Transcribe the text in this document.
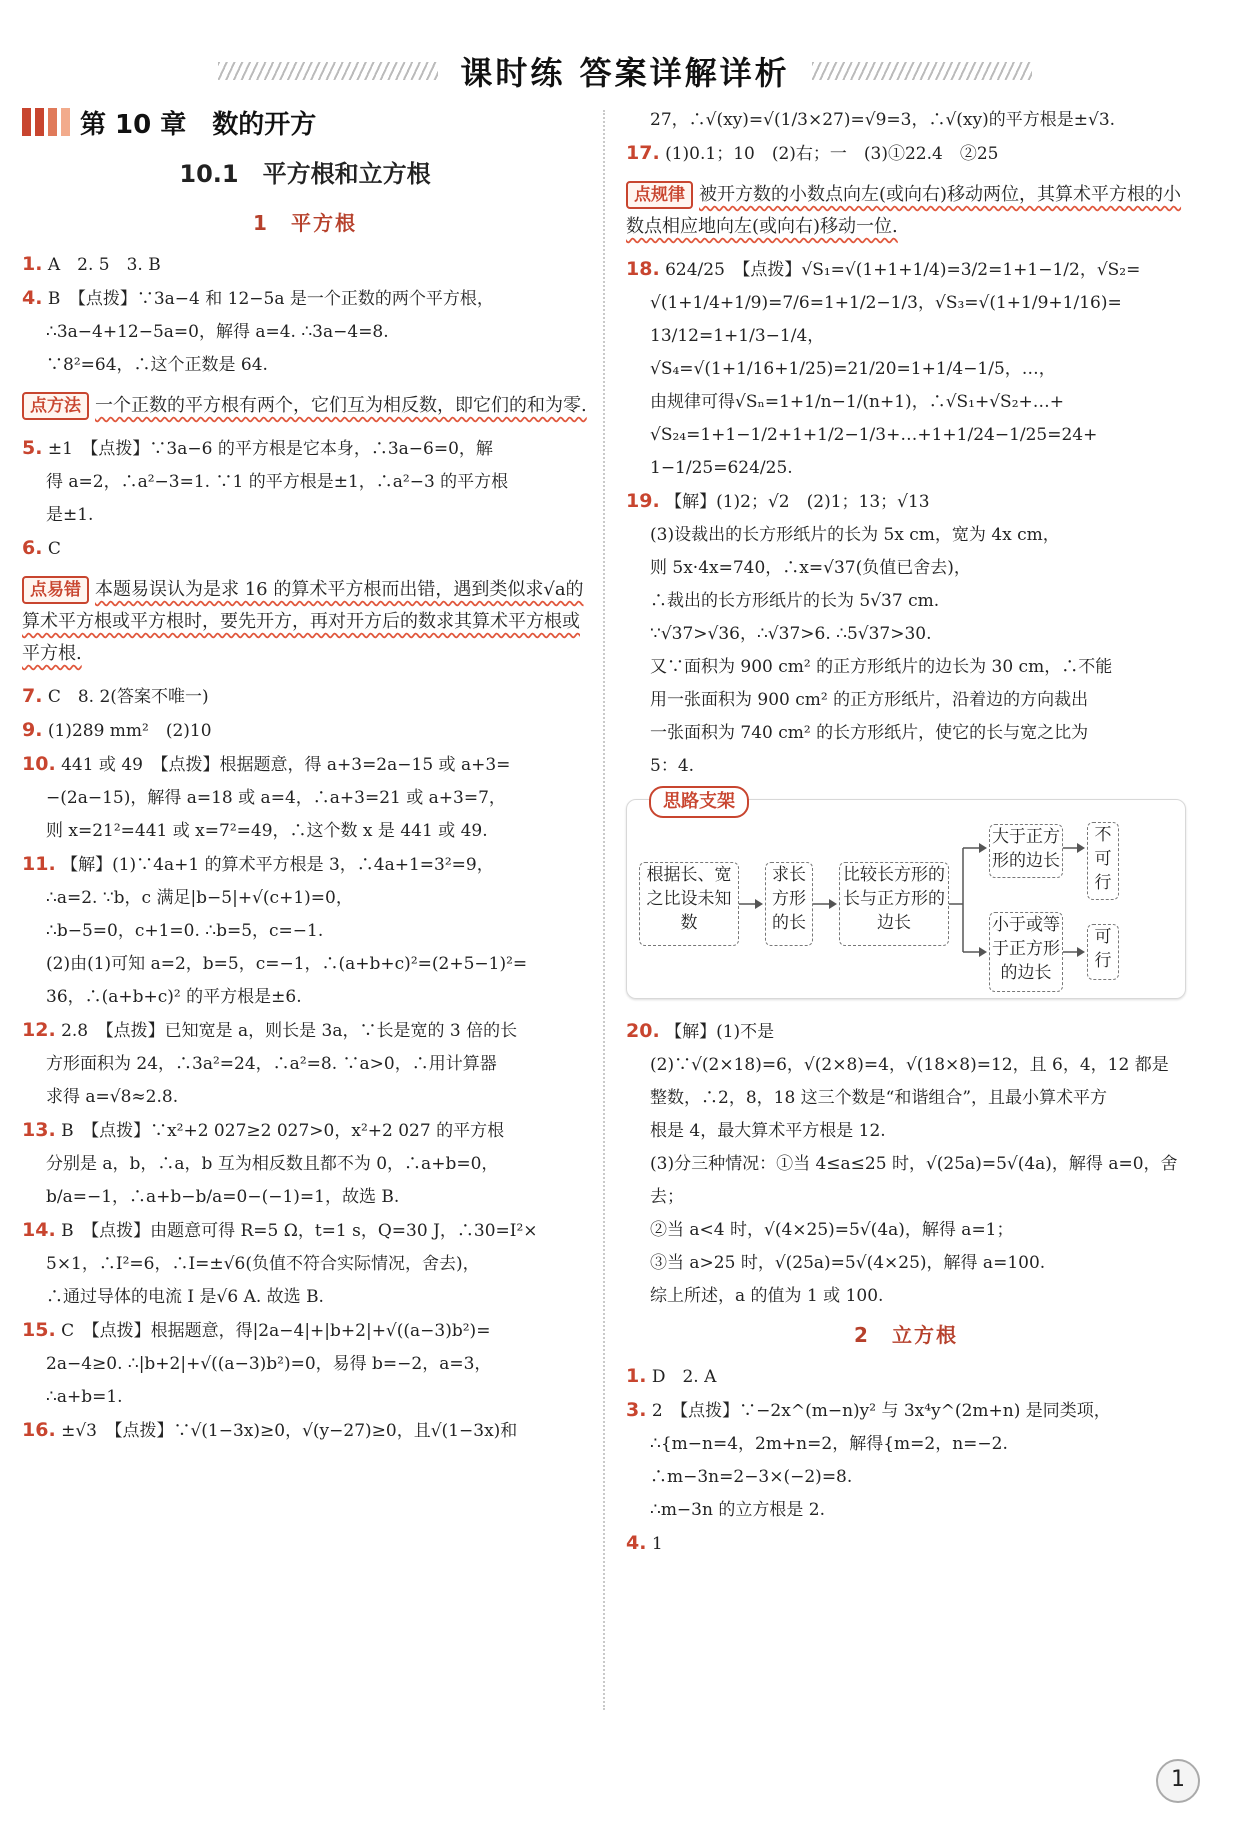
课时练 答案详解详析
第 10 章　数的开方
10.1　平方根和立方根
1　平方根

1. A　2. 5　3. B

4. B　【点拨】∵3a−4 和 12−5a 是一个正数的两个平方根，

∴3a−4+12−5a=0，解得 a=4. ∴3a−4=8.

∵8²=64，∴这个正数是 64.

点方法 一个正数的平方根有两个，它们互为相反数，即它们的和为零.

5. ±1　【点拨】∵3a−6 的平方根是它本身，∴3a−6=0，解

得 a=2，∴a²−3=1. ∵1 的平方根是±1，∴a²−3 的平方根

是±1.

6. C

点易错 本题易误认为是求 16 的算术平方根而出错，遇到类似求√a的算术平方根或平方根时，要先开方，再对开方后的数求其算术平方根或平方根.

7. C　8. 2(答案不唯一)

9. (1)289 mm²　(2)10

10. 441 或 49　【点拨】根据题意，得 a+3=2a−15 或 a+3=

−(2a−15)，解得 a=18 或 a=4，∴a+3=21 或 a+3=7，

则 x=21²=441 或 x=7²=49，∴这个数 x 是 441 或 49.

11. 【解】(1)∵4a+1 的算术平方根是 3，∴4a+1=3²=9，

∴a=2. ∵b，c 满足|b−5|+√(c+1)=0，

∴b−5=0，c+1=0. ∴b=5，c=−1.

(2)由(1)可知 a=2，b=5，c=−1，∴(a+b+c)²=(2+5−1)²=

36，∴(a+b+c)² 的平方根是±6.

12. 2.8　【点拨】已知宽是 a，则长是 3a，∵长是宽的 3 倍的长

方形面积为 24，∴3a²=24，∴a²=8. ∵a>0，∴用计算器

求得 a=√8≈2.8.

13. B　【点拨】∵x²+2 027≥2 027>0，x²+2 027 的平方根

分别是 a，b，∴a，b 互为相反数且都不为 0，∴a+b=0，

b/a=−1，∴a+b−b/a=0−(−1)=1，故选 B.

14. B　【点拨】由题意可得 R=5 Ω，t=1 s，Q=30 J，∴30=I²×

5×1，∴I²=6，∴I=±√6(负值不符合实际情况，舍去)，

∴通过导体的电流 I 是√6 A. 故选 B.

15. C　【点拨】根据题意，得|2a−4|+|b+2|+√((a−3)b²)=

2a−4≥0. ∴|b+2|+√((a−3)b²)=0，易得 b=−2，a=3，

∴a+b=1.

16. ±√3　【点拨】∵√(1−3x)≥0，√(y−27)≥0，且√(1−3x)和

27，∴√(xy)=√(1/3×27)=√9=3，∴√(xy)的平方根是±√3.

17. (1)0.1；10　(2)右；一　(3)①22.4　②25

点规律 被开方数的小数点向左(或向右)移动两位，其算术平方根的小数点相应地向左(或向右)移动一位.

18. 624/25　【点拨】√S₁=√(1+1+1/4)=3/2=1+1−1/2，√S₂=

√(1+1/4+1/9)=7/6=1+1/2−1/3，√S₃=√(1+1/9+1/16)=

13/12=1+1/3−1/4，√S₄=√(1+1/16+1/25)=21/20=1+1/4−1/5，…，

由规律可得√Sₙ=1+1/n−1/(n+1)，∴√S₁+√S₂+…+

√S₂₄=1+1−1/2+1+1/2−1/3+…+1+1/24−1/25=24+

1−1/25=624/25.

19. 【解】(1)2；√2　(2)1；13；√13

(3)设裁出的长方形纸片的长为 5x cm，宽为 4x cm，

则 5x·4x=740，∴x=√37(负值已舍去)，

∴裁出的长方形纸片的长为 5√37 cm.

∵√37>√36，∴√37>6. ∴5√37>30.

又∵面积为 900 cm² 的正方形纸片的边长为 30 cm，∴不能

用一张面积为 900 cm² 的正方形纸片，沿着边的方向裁出

一张面积为 740 cm² 的长方形纸片，使它的长与宽之比为

5：4.

思路支架
根据长、宽之比设未知数
求长方形的长
比较长方形的长与正方形的边长
大于正方形的边长
不可行
小于或等于正方形的边长
可行

20. 【解】(1)不是

(2)∵√(2×18)=6，√(2×8)=4，√(18×8)=12，且 6，4，12 都是

整数，∴2，8，18 这三个数是“和谐组合”，且最小算术平方

根是 4，最大算术平方根是 12.

(3)分三种情况：①当 4≤a≤25 时，√(25a)=5√(4a)，解得 a=0，舍去；

②当 a<4 时，√(4×25)=5√(4a)，解得 a=1；

③当 a>25 时，√(25a)=5√(4×25)，解得 a=100.

综上所述，a 的值为 1 或 100.

2　立方根

1. D　2. A

3. 2　【点拨】∵−2x^(m−n)y² 与 3x⁴y^(2m+n) 是同类项，

∴{m−n=4，2m+n=2，解得{m=2，n=−2. ∴m−3n=2−3×(−2)=8.

∴m−3n 的立方根是 2.

4. 1

1
